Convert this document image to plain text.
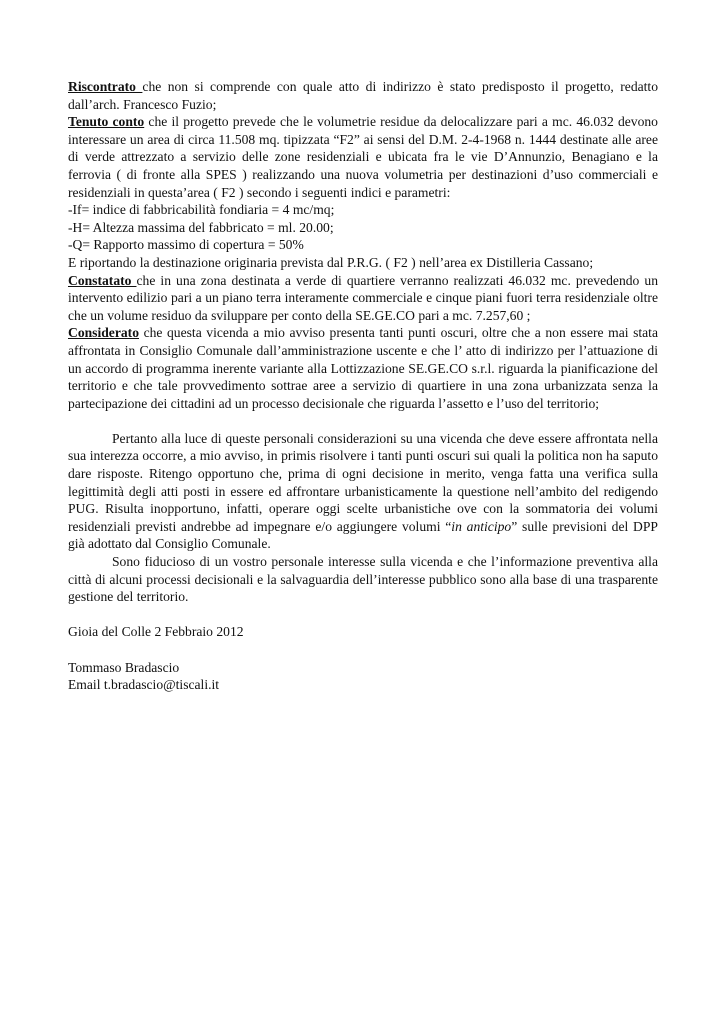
Riscontrato che non si comprende con quale atto di indirizzo è stato predisposto il progetto, redatto dall’arch. Francesco Fuzio;

Tenuto conto che il progetto prevede che le volumetrie residue da delocalizzare pari a mc. 46.032 devono interessare un area di circa 11.508 mq. tipizzata “F2” ai sensi del D.M. 2-4-1968 n. 1444 destinate alle aree di verde attrezzato a servizio delle zone residenziali e ubicata fra le vie D’Annunzio, Benagiano e la ferrovia ( di fronte alla SPES ) realizzando una nuova volumetria per destinazioni d’uso commerciali e residenziali in questa’area ( F2 ) secondo i seguenti indici e parametri:

-If= indice di fabbricabilità fondiaria = 4 mc/mq;

-H= Altezza massima del fabbricato = ml. 20.00;

-Q= Rapporto massimo di copertura = 50%

E riportando la destinazione originaria prevista dal P.R.G. ( F2 ) nell’area ex Distilleria Cassano;

Constatato che in una zona destinata a verde di quartiere verranno realizzati 46.032 mc. prevedendo un intervento edilizio pari a un piano terra interamente commerciale e cinque piani fuori terra residenziale oltre che un volume residuo da sviluppare per conto della SE.GE.CO pari a mc. 7.257,60 ;

Considerato che questa vicenda a mio avviso presenta tanti punti oscuri, oltre che a non essere mai stata affrontata in Consiglio Comunale dall’amministrazione uscente e che l’ atto di indirizzo per l’attuazione di un accordo di programma inerente variante alla Lottizzazione SE.GE.CO s.r.l. riguarda la pianificazione del territorio e che tale provvedimento sottrae aree a servizio di quartiere in una zona urbanizzata senza la partecipazione dei cittadini ad un processo decisionale che riguarda l’assetto e l’uso del territorio;

Pertanto alla luce di queste personali considerazioni su una vicenda che deve essere affrontata nella sua interezza occorre, a mio avviso, in primis risolvere i tanti punti oscuri sui quali la politica non ha saputo dare risposte. Ritengo opportuno che, prima di ogni decisione in merito, venga fatta una verifica sulla legittimità degli atti posti in essere ed affrontare urbanisticamente la questione nell’ambito del redigendo PUG. Risulta inopportuno, infatti, operare oggi scelte urbanistiche ove con la sommatoria dei volumi residenziali previsti andrebbe ad impegnare e/o aggiungere volumi “in anticipo” sulle previsioni del DPP già adottato dal Consiglio Comunale.

Sono fiducioso di un vostro personale interesse sulla vicenda e che l’informazione preventiva alla città di alcuni processi decisionali e la salvaguardia dell’interesse pubblico sono alla base di una trasparente gestione del territorio.

Gioia del Colle 2 Febbraio 2012

Tommaso Bradascio

Email t.bradascio@tiscali.it
